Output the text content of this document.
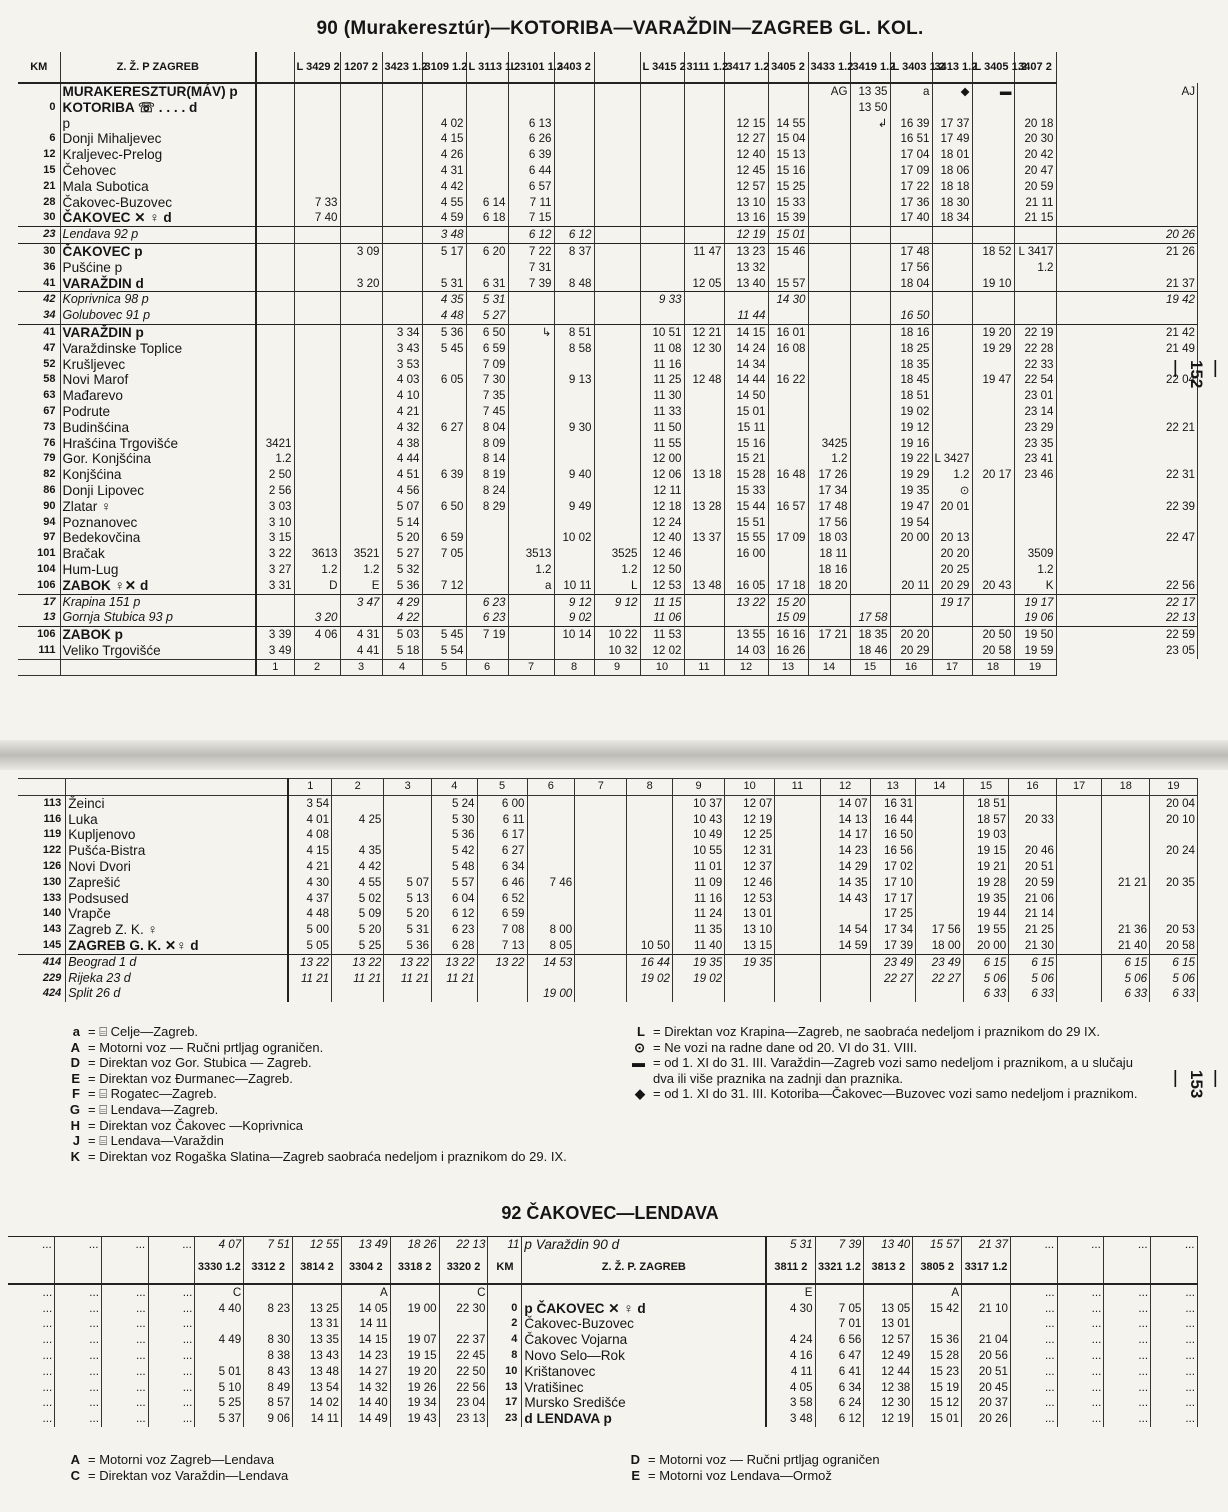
90 (Murakeresztúr)—KOTORIBA—VARAŽDIN—ZAGREB GL. KOL.
KM	Z. Ž. P ZAGREB		L 3429 2	1207 2	3423 1.2	3109 1.2	L 3113 1.2	L 3101 1.2	3403 2		L 3415 2	3111 1.2	3417 1.2	3405 2	3433 1.2	3419 1.2	L 3403 1.2	3413 1.2	L 3405 1.2	3407 2	
	MURAKERESZTUR(MÁV) p														AG	13 35	a	◆	▬		AJ
0	KOTORIBA ☏ . . . . d															13 50					
	p					4 02		6 13					12 15	14 55		↲	16 39	17 37		20 18	
6	Donji Mihaljevec					4 15		6 26					12 27	15 04			16 51	17 49		20 30	
12	Kraljevec-Prelog					4 26		6 39					12 40	15 13			17 04	18 01		20 42	
15	Čehovec					4 31		6 44					12 45	15 16			17 09	18 06		20 47	
21	Mala Subotica					4 42		6 57					12 57	15 25			17 22	18 18		20 59	
28	Čakovec-Buzovec		7 33			4 55	6 14	7 11					13 10	15 33			17 36	18 30		21 11	
30	ČAKOVEC ✕ ♀ d		7 40			4 59	6 18	7 15					13 16	15 39			17 40	18 34		21 15	
23	Lendava 92 p					3 48		6 12	6 12				12 19	15 01							20 26
30	ČAKOVEC p			3 09		5 17	6 20	7 22	8 37			11 47	13 23	15 46			17 48		18 52	L 3417	21 26
36	Pušćine p							7 31					13 32				17 56			1.2	
41	VARAŽDIN d			3 20		5 31	6 31	7 39	8 48			12 05	13 40	15 57			18 04		19 10		21 37
42	Koprivnica 98 p					4 35	5 31				9 33			14 30							19 42
34	Golubovec 91 p					4 48	5 27						11 44				16 50				
41	VARAŽDIN p				3 34	5 36	6 50	↳	8 51		10 51	12 21	14 15	16 01			18 16		19 20	22 19	21 42
47	Varaždinske Toplice				3 43	5 45	6 59		8 58		11 08	12 30	14 24	16 08			18 25		19 29	22 28	21 49
52	Krušljevec				3 53		7 09				11 16		14 34				18 35			22 33	
58	Novi Marof				4 03	6 05	7 30		9 13		11 25	12 48	14 44	16 22			18 45		19 47	22 54	22 04
63	Mađarevo				4 10		7 35				11 30		14 50				18 51			23 01	
67	Podrute				4 21		7 45				11 33		15 01				19 02			23 14	
73	Budinšćina				4 32	6 27	8 04		9 30		11 50		15 11				19 12			23 29	22 21
76	Hrašćina Trgovišće	3421			4 38		8 09				11 55		15 16		3425		19 16			23 35	
79	Gor. Konjšćina	1.2			4 44		8 14				12 00		15 21		1.2		19 22	L 3427		23 41	
82	Konjšćina	2 50			4 51	6 39	8 19		9 40		12 06	13 18	15 28	16 48	17 26		19 29	1.2	20 17	23 46	22 31
86	Donji Lipovec	2 56			4 56		8 24				12 11		15 33		17 34		19 35	⊙			
90	Zlatar ♀	3 03			5 07	6 50	8 29		9 49		12 18	13 28	15 44	16 57	17 48		19 47	20 01			22 39
94	Poznanovec	3 10			5 14						12 24		15 51		17 56		19 54				
97	Bedekovčina	3 15			5 20	6 59			10 02		12 40	13 37	15 55	17 09	18 03		20 00	20 13			22 47
101	Bračak	3 22	3613	3521	5 27	7 05		3513		3525	12 46		16 00		18 11			20 20		3509	
104	Hum-Lug	3 27	1.2	1.2	5 32			1.2		1.2	12 50				18 16			20 25		1.2	
106	ZABOK ♀✕ d	3 31	D	E	5 36	7 12		a	10 11	L	12 53	13 48	16 05	17 18	18 20		20 11	20 29	20 43	K	22 56
17	Krapina 151 p			3 47	4 29		6 23		9 12	9 12	11 15		13 22	15 20				19 17		19 17	22 17
13	Gornja Stubica 93 p		3 20		4 22		6 23		9 02		11 06			15 09		17 58				19 06	22 13
106	ZABOK p	3 39	4 06	4 31	5 03	5 45	7 19		10 14	10 22	11 53		13 55	16 16	17 21	18 35	20 20		20 50	19 50	22 59
111	Veliko Trgovišće	3 49		4 41	5 18	5 54				10 32	12 02		14 03	16 26		18 46	20 29		20 58	19 59	23 05
		1	2	3	4	5	6	7	8	9	10	11	12	13	14	15	16	17	18	19	
—152—
		1	2	3	4	5	6	7	8	9	10	11	12	13	14	15	16	17	18	19
113	Žeinci	3 54			5 24	6 00				10 37	12 07		14 07	16 31		18 51				20 04
116	Luka	4 01	4 25		5 30	6 11				10 43	12 19		14 13	16 44		18 57	20 33			20 10
119	Kupljenovo	4 08			5 36	6 17				10 49	12 25		14 17	16 50		19 03				
122	Pušća-Bistra	4 15	4 35		5 42	6 27				10 55	12 31		14 23	16 56		19 15	20 46			20 24
126	Novi Dvori	4 21	4 42		5 48	6 34				11 01	12 37		14 29	17 02		19 21	20 51			
130	Zaprešić	4 30	4 55	5 07	5 57	6 46	7 46			11 09	12 46		14 35	17 10		19 28	20 59		21 21	20 35
133	Podsused	4 37	5 02	5 13	6 04	6 52				11 16	12 53		14 43	17 17		19 35	21 06			
140	Vrapče	4 48	5 09	5 20	6 12	6 59				11 24	13 01			17 25		19 44	21 14			
143	Zagreb Z. K. ♀	5 00	5 20	5 31	6 23	7 08	8 00			11 35	13 10		14 54	17 34	17 56	19 55	21 25		21 36	20 53
145	ZAGREB G. K. ✕♀ d	5 05	5 25	5 36	6 28	7 13	8 05		10 50	11 40	13 15		14 59	17 39	18 00	20 00	21 30		21 40	20 58
414	Beograd 1 d	13 22	13 22	13 22	13 22	13 22	14 53		16 44	19 35	19 35			23 49	23 49	6 15	6 15		6 15	6 15
229	Rijeka 23 d	11 21	11 21	11 21	11 21				19 02	19 02				22 27	22 27	5 06	5 06		5 06	5 06
424	Split 26 d						19 00									6 33	6 33		6 33	6 33
—153—
a = ⌸ Celje—Zagreb.
A = Motorni voz — Ručni prtljag ograničen.
D = Direktan voz Gor. Stubica — Zagreb.
E = Direktan voz Đurmanec—Zagreb.
F = ⌸ Rogatec—Zagreb.
G = ⌸ Lendava—Zagreb.
H = Direktan voz Čakovec —Koprivnica
J = ⌸ Lendava—Varaždin
K = Direktan voz Rogaška Slatina—Zagreb saobraća nedeljom i praznikom do 29. IX.
L = Direktan voz Krapina—Zagreb, ne saobraća nedeljom i praznikom do 29 IX.
⊙ = Ne vozi na radne dane od 20. VI do 31. VIII.
▬ = od 1. XI do 31. III. Varaždin—Zagreb vozi samo nedeljom i praznikom, a u slučaju dva ili više praznika na zadnji dan praznika.
◆ = od 1. XI do 31. III. Kotoriba—Čakovec—Buzovec vozi samo nedeljom i praznikom.
92 ČAKOVEC—LENDAVA
...	...	...	...	4 07	7 51	12 55	13 49	18 26	22 13	11	p Varaždin 90 d	5 31	7 39	13 40	15 57	21 37	...	...	...	...
				3330 1.2	3312 2	3814 2	3304 2	3318 2	3320 2	KM	Z. Ž. P. ZAGREB	3811 2	3321 1.2	3813 2	3805 2	3317 1.2				
...	...	...	...	C			A		C			E			A		...	...	...	...
...	...	...	...	4 40	8 23	13 25	14 05	19 00	22 30	0	p ČAKOVEC ✕ ♀ d	4 30	7 05	13 05	15 42	21 10	...	...	...	...
...	...	...	...			13 31	14 11			2	Čakovec-Buzovec		7 01	13 01			...	...	...	...
...	...	...	...	4 49	8 30	13 35	14 15	19 07	22 37	4	Čakovec Vojarna	4 24	6 56	12 57	15 36	21 04	...	...	...	...
...	...	...	...		8 38	13 43	14 23	19 15	22 45	8	Novo Selo—Rok	4 16	6 47	12 49	15 28	20 56	...	...	...	...
...	...	...	...	5 01	8 43	13 48	14 27	19 20	22 50	10	Krištanovec	4 11	6 41	12 44	15 23	20 51	...	...	...	...
...	...	...	...	5 10	8 49	13 54	14 32	19 26	22 56	13	Vratišinec	4 05	6 34	12 38	15 19	20 45	...	...	...	...
...	...	...	...	5 25	8 57	14 02	14 40	19 34	23 04	17	Mursko Središće	3 58	6 24	12 30	15 12	20 37	...	...	...	...
...	...	...	...	5 37	9 06	14 11	14 49	19 43	23 13	23	d LENDAVA p	3 48	6 12	12 19	15 01	20 26	...	...	...	...
A = Motorni voz Zagreb—Lendava	D = Motorni voz — Ručni prtljag ograničen
C = Direktan voz Varaždin—Lendava	E = Motorni voz Lendava—Ormož
